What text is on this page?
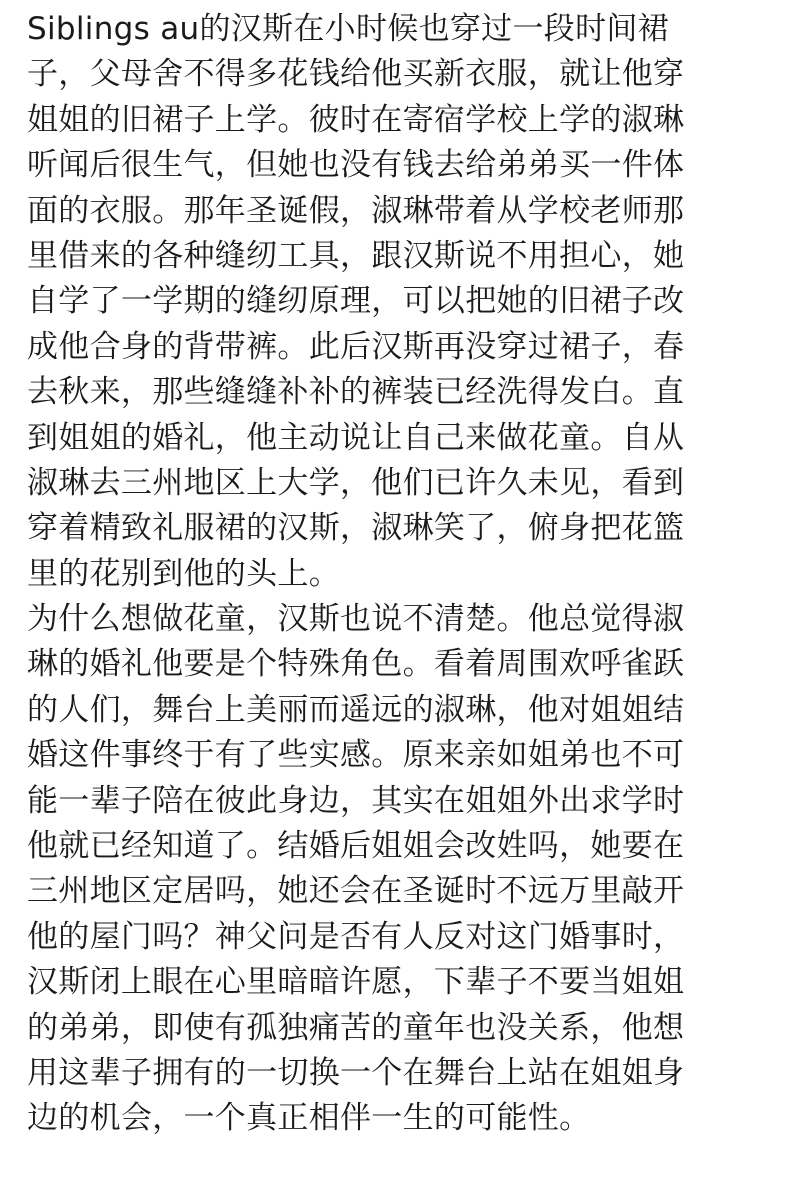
Siblings au的汉斯在小时候也穿过一段时间裙
子，父母舍不得多花钱给他买新衣服，就让他穿
姐姐的旧裙子上学。彼时在寄宿学校上学的淑琳
听闻后很生气，但她也没有钱去给弟弟买一件体
面的衣服。那年圣诞假，淑琳带着从学校老师那
里借来的各种缝纫工具，跟汉斯说不用担心，她
自学了一学期的缝纫原理，可以把她的旧裙子改
成他合身的背带裤。此后汉斯再没穿过裙子，春
去秋来，那些缝缝补补的裤装已经洗得发白。直
到姐姐的婚礼，他主动说让自己来做花童。自从
淑琳去三州地区上大学，他们已许久未见，看到
穿着精致礼服裙的汉斯，淑琳笑了，俯身把花篮
里的花别到他的头上。
为什么想做花童，汉斯也说不清楚。他总觉得淑
琳的婚礼他要是个特殊角色。看着周围欢呼雀跃
的人们，舞台上美丽而遥远的淑琳，他对姐姐结
婚这件事终于有了些实感。原来亲如姐弟也不可
能一辈子陪在彼此身边，其实在姐姐外出求学时
他就已经知道了。结婚后姐姐会改姓吗，她要在
三州地区定居吗，她还会在圣诞时不远万里敲开
他的屋门吗？神父问是否有人反对这门婚事时，
汉斯闭上眼在心里暗暗许愿，下辈子不要当姐姐
的弟弟，即使有孤独痛苦的童年也没关系，他想
用这辈子拥有的一切换一个在舞台上站在姐姐身
边的机会，一个真正相伴一生的可能性。
